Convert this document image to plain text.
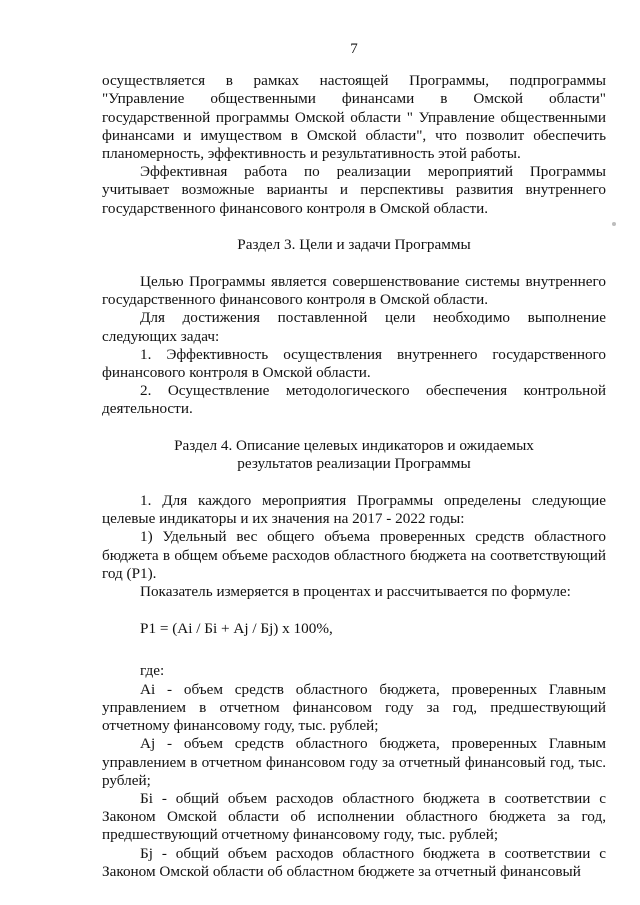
7

осуществляется в рамках настоящей Программы, подпрограммы "Управление общественными финансами в Омской области" государственной программы Омской области " Управление общественными финансами и имуществом в Омской области", что позволит обеспечить планомерность, эффективность и результативность этой работы.

Эффективная работа по реализации мероприятий Программы учитывает возможные варианты и перспективы развития внутреннего государственного финансового контроля в Омской области.

Раздел 3. Цели и задачи Программы

Целью Программы является совершенствование системы внутреннего государственного финансового контроля в Омской области.

Для достижения поставленной цели необходимо выполнение следующих задач:

1. Эффективность осуществления внутреннего государственного финансового контроля в Омской области.

2. Осуществление методологического обеспечения контрольной деятельности.

Раздел 4. Описание целевых индикаторов и ожидаемых

результатов реализации Программы

1. Для каждого мероприятия Программы определены следующие целевые индикаторы и их значения на 2017 - 2022 годы:

1) Удельный вес общего объема проверенных средств областного бюджета в общем объеме расходов областного бюджета на соответствующий год (Р1).

Показатель измеряется в процентах и рассчитывается по формуле:

Р1 = (Аi / Бi + Аj / Бj) х 100%,

где:

Аi - объем средств областного бюджета, проверенных Главным управлением в отчетном финансовом году за год, предшествующий отчетному финансовому году, тыс. рублей;

Аj - объем средств областного бюджета, проверенных Главным управлением в отчетном финансовом году за отчетный финансовый год, тыс. рублей;

Бi - общий объем расходов областного бюджета в соответствии с Законом Омской области об исполнении областного бюджета за год, предшествующий отчетному финансовому году, тыс. рублей;

Бj - общий объем расходов областного бюджета в соответствии с Законом Омской области об областном бюджете за отчетный финансовый
